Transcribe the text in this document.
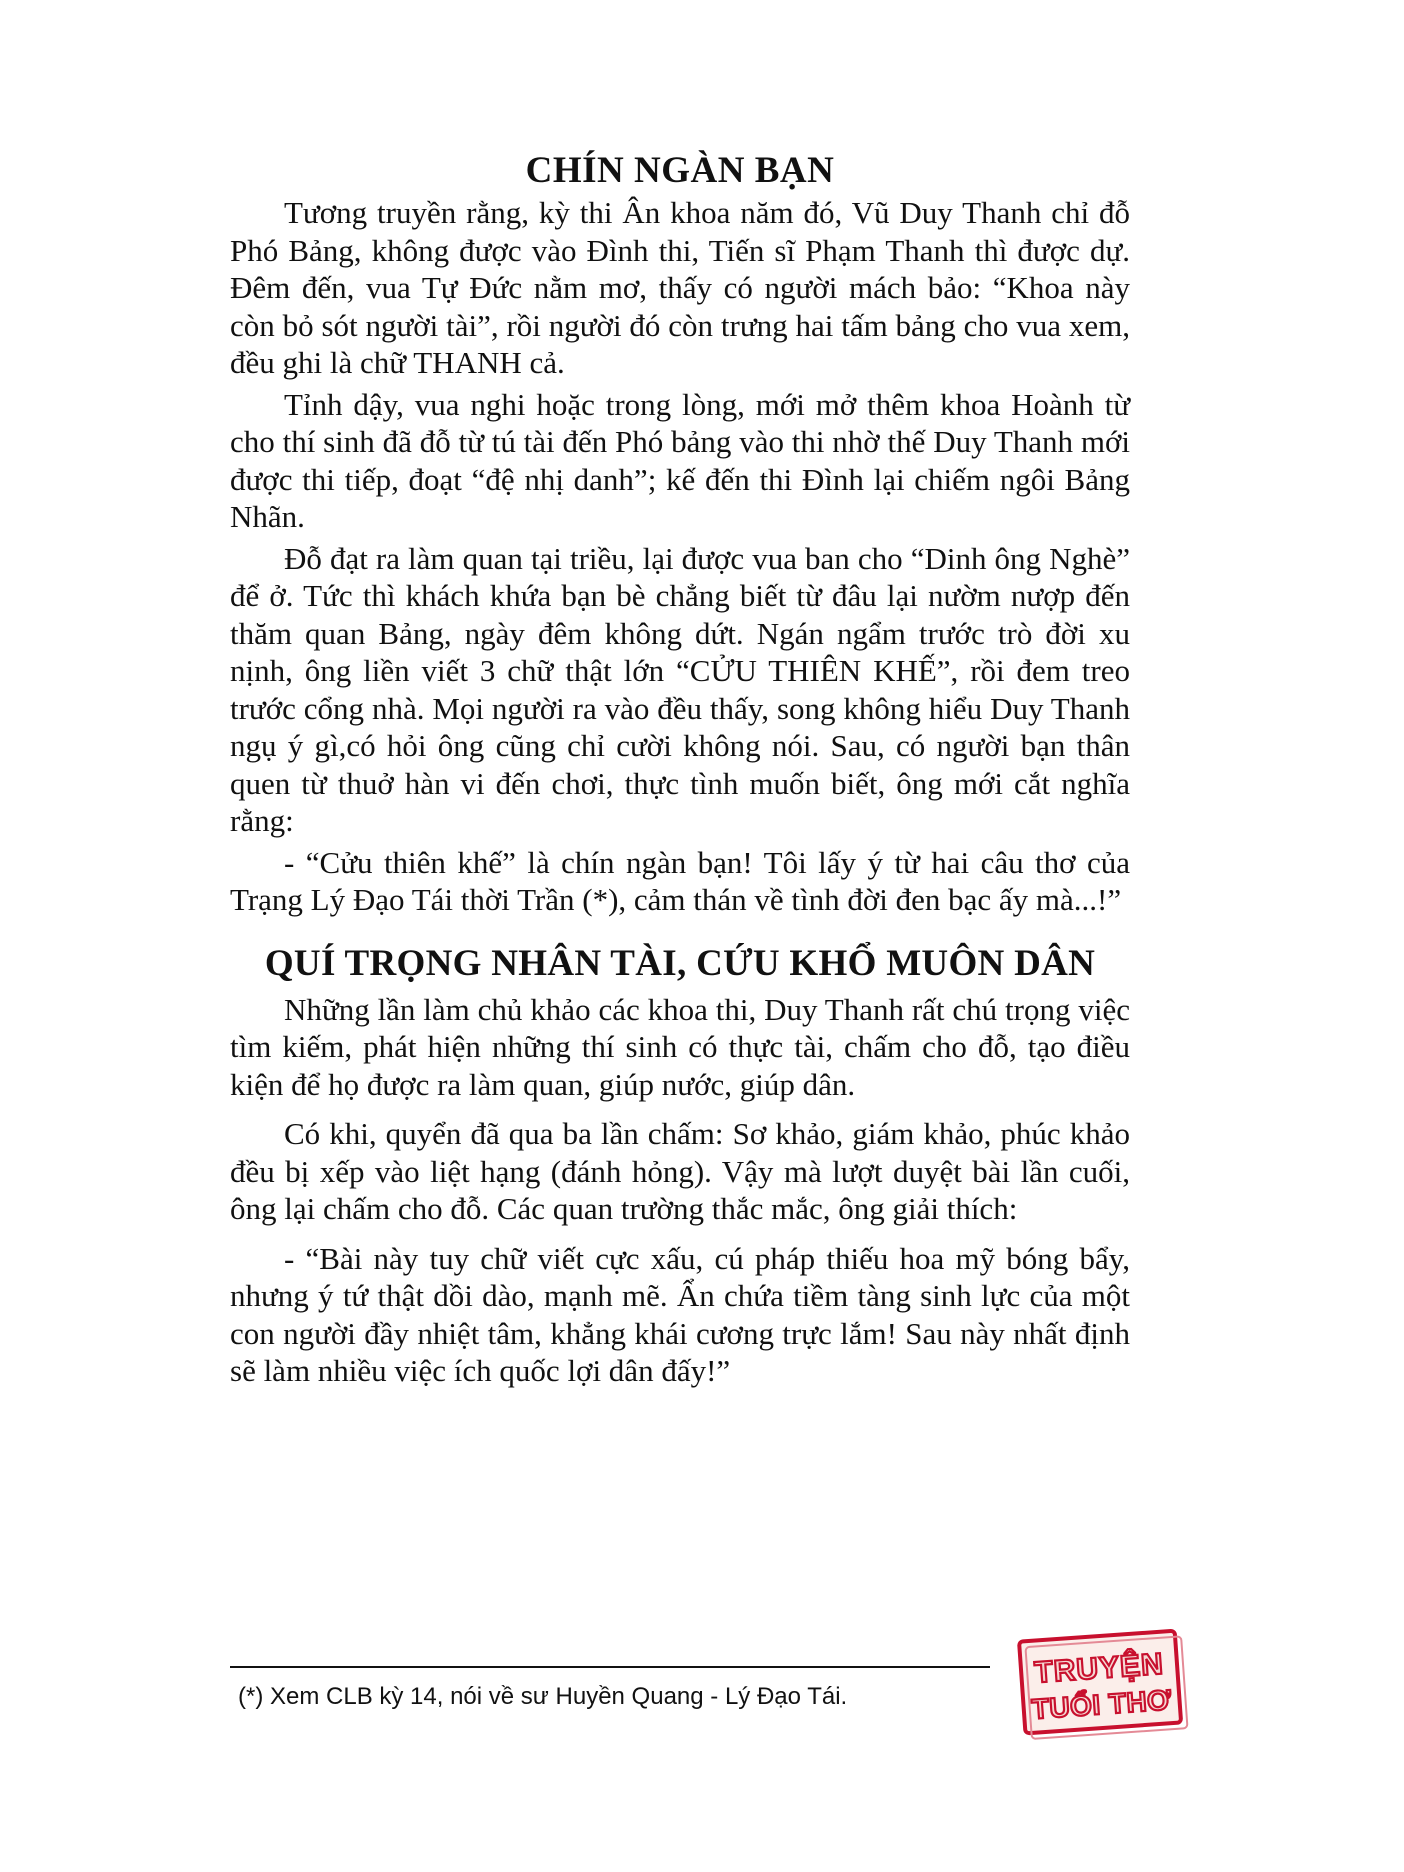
CHÍN NGÀN BẠN

Tương truyền rằng, kỳ thi Ân khoa năm đó, Vũ Duy Thanh chỉ đỗ Phó Bảng, không được vào Đình thi, Tiến sĩ Phạm Thanh thì được dự. Đêm đến, vua Tự Đức nằm mơ, thấy có người mách bảo: “Khoa này còn bỏ sót người tài”, rồi người đó còn trưng hai tấm bảng cho vua xem, đều ghi là chữ THANH cả.

Tỉnh dậy, vua nghi hoặc trong lòng, mới mở thêm khoa Hoành từ cho thí sinh đã đỗ từ tú tài đến Phó bảng vào thi nhờ thế Duy Thanh mới được thi tiếp, đoạt “đệ nhị danh”; kế đến thi Đình lại chiếm ngôi Bảng Nhãn.

Đỗ đạt ra làm quan tại triều, lại được vua ban cho “Dinh ông Nghè” để ở. Tức thì khách khứa bạn bè chẳng biết từ đâu lại nườm nượp đến thăm quan Bảng, ngày đêm không dứt. Ngán ngẩm trước trò đời xu nịnh, ông liền viết 3 chữ thật lớn “CỬU THIÊN KHẾ”, rồi đem treo trước cổng nhà. Mọi người ra vào đều thấy, song không hiểu Duy Thanh ngụ ý gì,có hỏi ông cũng chỉ cười không nói. Sau, có người bạn thân quen từ thuở hàn vi đến chơi, thực tình muốn biết, ông mới cắt nghĩa rằng:

- “Cửu thiên khế” là chín ngàn bạn! Tôi lấy ý từ hai câu thơ của Trạng Lý Đạo Tái thời Trần (*), cảm thán về tình đời đen bạc ấy mà...!”

QUÍ TRỌNG NHÂN TÀI, CỨU KHỔ MUÔN DÂN

Những lần làm chủ khảo các khoa thi, Duy Thanh rất chú trọng việc tìm kiếm, phát hiện những thí sinh có thực tài, chấm cho đỗ, tạo điều kiện để họ được ra làm quan, giúp nước, giúp dân.

Có khi, quyển đã qua ba lần chấm: Sơ khảo, giám khảo, phúc khảo đều bị xếp vào liệt hạng (đánh hỏng). Vậy mà lượt duyệt bài lần cuối, ông lại chấm cho đỗ. Các quan trường thắc mắc, ông giải thích:

- “Bài này tuy chữ viết cực xấu, cú pháp thiếu hoa mỹ bóng bẩy, nhưng ý tứ thật dồi dào, mạnh mẽ. Ẩn chứa tiềm tàng sinh lực của một con người đầy nhiệt tâm, khẳng khái cương trực lắm! Sau này nhất định sẽ làm nhiều việc ích quốc lợi dân đấy!”

(*) Xem CLB kỳ 14, nói về sư Huyền Quang - Lý Đạo Tái.
TRUYỆN
TUỔI THƠ
